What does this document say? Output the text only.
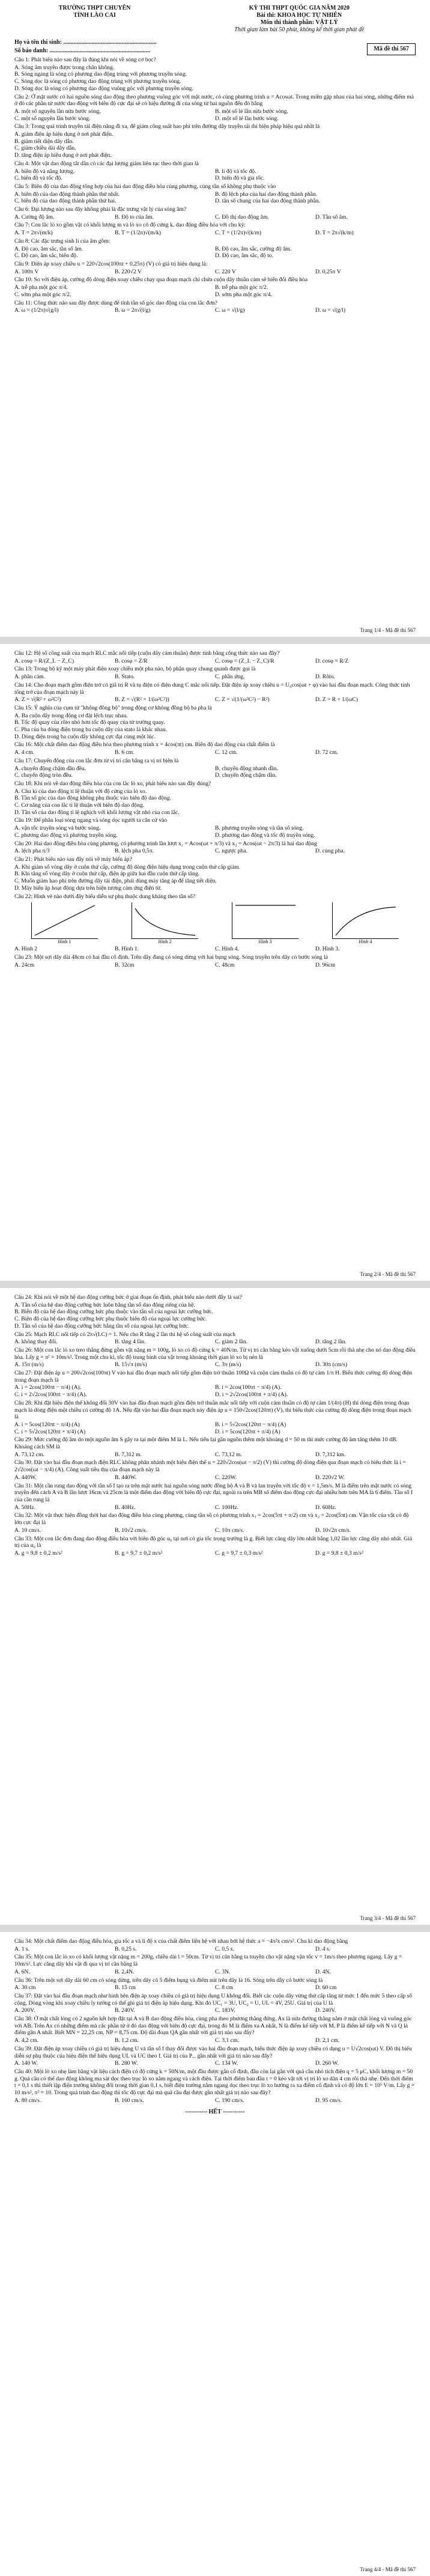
TRƯỜNG THPT CHUYÊN
TỈNH LÀO CAI
KỲ THI THPT QUỐC GIA NĂM 2020
Bài thi: KHOA HỌC TỰ NHIÊN
Môn thi thành phần: VẬT LÝ
Thời gian làm bài 50 phút, không kể thời gian phát đề
Họ và tên thí sinh: ..............................................................
Số báo danh: ...................................................................	Mã đề thi 567
Câu 1: Phát biểu nào sau đây là đúng khi nói về sóng cơ học?
A. Sóng âm truyền được trong chân không.
B. Sóng ngang là sóng có phương dao động trùng với phương truyền sóng.
C. Sóng dọc là sóng có phương dao động trùng với phương truyền sóng.
D. Sóng dọc là sóng có phương dao động vuông góc với phương truyền sóng.
Câu 2: Ở mặt nước có hai nguồn sóng dao động theo phương vuông góc với mặt nước, có cùng phương trình u = Acosωt. Trong miền gặp nhau của hai sóng, những điểm mà ở đó các phần tử nước dao động với biên độ cực đại sẽ có hiệu đường đi của sóng từ hai nguồn đến đó bằng
A. một số nguyên lần nửa bước sóng.	B. một số lẻ lần nửa bước sóng.
C. một số nguyên lần bước sóng.	D. một số lẻ lần bước sóng.
Câu 3: Trong quá trình truyền tải điện năng đi xa, để giảm công suất hao phí trên đường dây truyền tải thì biện pháp hiệu quả nhất là
A. giảm điện áp hiệu dụng ở nơi phát điện.
B. giảm tiết diện dây dẫn.
C. giảm chiều dài dây dẫn.
D. tăng điện áp hiệu dụng ở nơi phát điện.
Câu 4: Một vật dao động tắt dần có các đại lượng giảm liên tục theo thời gian là
A. biên độ và năng lượng.	B. li độ và tốc độ.
C. biên độ và tốc độ.	D. biên độ và gia tốc.
Câu 5: Biên độ của dao động tổng hợp của hai dao động điều hòa cùng phương, cùng tần số không phụ thuộc vào
A. biên độ của dao động thành phần thứ nhất.	B. độ lệch pha của hai dao động thành phần.
C. biên độ của dao động thành phần thứ hai.	D. tần số chung của hai dao động thành phần.
Câu 6: Đại lượng nào sau đây không phải là đặc trưng vật lý của sóng âm?
A. Cường độ âm.	B. Độ to của âm.	C. Đồ thị dao động âm.	D. Tần số âm.
Câu 7: Con lắc lò xo gồm vật có khối lượng m và lò xo có độ cứng k, dao động điều hòa với chu kỳ:
A. T = 2π√(m/k)	B. T = (1/2π)√(m/k)	C. T = (1/2π)√(k/m)	D. T = 2π√(k/m)
Câu 8: Các đặc trưng sinh lí của âm gồm:
A. Độ cao, âm sắc, tần số âm.	B. Độ cao, âm sắc, cường độ âm.
C. Độ cao, âm sắc, biên độ.	D. Độ cao, âm sắc, độ to.
Câu 9: Điện áp xoay chiều u = 220√2cos(100πt + 0,25π) (V) có giá trị hiệu dụng là:
A. 100π V	B. 220√2 V	C. 220 V	D. 0,25π V
Câu 10: So với điện áp, cường độ dòng điện xoay chiều chạy qua đoạn mạch chỉ chứa cuộn dây thuần cảm sẽ biến đổi điều hòa
A. trễ pha một góc π/4.	B. trễ pha một góc π/2.
C. sớm pha một góc π/2.	D. sớm pha một góc π/4.
Câu 11: Công thức nào sau đây được dùng để tính tần số góc dao động của con lắc đơn?
A. ω = (1/2π)√(g/l)	B. ω = 2π√(l/g)	C. ω = √(l/g)	D. ω = √(g/l)
Trang 1/4 - Mã đề thi 567
Câu 12: Hệ số công suất của mạch RLC mắc nối tiếp (cuộn dây cảm thuần) được tính bằng công thức nào sau đây?
A. cosφ = R/(Z_L − Z_C)	B. cosφ = Z/R	C. cosφ = (Z_L − Z_C)/R	D. cosφ = R/Z
Câu 13: Trong bộ kỹ một máy phát điện xoay chiều một pha nào, bộ phận quay chung quanh được gọi là
A. phần cảm.	B. Stato.	C. phần ứng.	D. Rôto.
Câu 14: Cho đoạn mạch gồm điện trở có giá trị R và tụ điện có điện dung C mắc nối tiếp. Đặt điện áp xoay chiều u = U₀cos(ωt + φ) vào hai đầu đoạn mạch. Công thức tính tổng trở của đoạn mạch này là
A. Z = √(R² + ω²C²)	B. Z = √(R² + 1/(ω²C²))	C. Z = √(1/(ω²C²) − R²)	D. Z = R + 1/(ωC)
Câu 15: Ý nghĩa của cụm từ "không đồng bộ" trong động cơ không đồng bộ ba pha là
A. Ba cuộn dây trong động cơ đặt lệch trục nhau.
B. Tốc độ quay của rôto nhỏ hơn tốc độ quay của từ trường quay.
C. Pha của ba dòng điện trong ba cuộn dây của stato là khác nhau.
D. Dòng điện trong ba cuộn dây không cực đại cùng một lúc.
Câu 16: Một chất điểm dao động điều hòa theo phương trình x = 4cos(πt) cm. Biên độ dao động của chất điểm là
A. 4 cm.	B. 6 cm.	C. 12 cm.	D. 72 cm.
Câu 17: Chuyển động của con lắc đơn từ vị trí cân bằng ra vị trí biên là
A. chuyển động chậm dần đều.	B. chuyển động nhanh dần.
C. chuyển động tròn đều.	D. chuyển động chậm dần.
Câu 18: Khi nói về dao động điều hòa của con lắc lò xo, phát biểu nào sau đây đúng?
A. Chu kì của dao động tỉ lệ thuận với độ cứng của lò xo.
B. Tần số góc của dao động không phụ thuộc vào biên độ dao động.
C. Cơ năng của con lắc tỉ lệ thuận với biên độ dao động.
D. Tần số của dao động tỉ lệ nghịch với khối lượng vật nhỏ của con lắc.
Câu 19: Để phân loại sóng ngang và sóng dọc người ta căn cứ vào
A. vận tốc truyền sóng và bước sóng.	B. phương truyền sóng và tần số sóng.
C. phương dao động và phương truyền sóng.	D. phương dao động và tốc độ truyền sóng.
Câu 20: Hai dao động điều hòa cùng phương, có phương trình lần lượt x₁ = Acos(ωt + π/3) và x₂ = Acos(ωt − 2π/3) là hai dao động
A. lệch pha π/3	B. lệch pha 0,5π.	C. ngược pha.	D. cùng pha.
Câu 21: Phát biểu nào sau đây nói về máy biến áp?
A. Khi giảm số vòng dây ở cuộn thứ cấp, cường độ dòng điện hiệu dụng trong cuộn thứ cấp giảm.
B. Khi tăng số vòng dây ở cuộn thứ cấp, điện áp giữa hai đầu cuộn thứ cấp tăng.
C. Muốn giảm hao phí trên đường dây tải điện, phải dùng máy tăng áp để tăng tiết diện.
D. Máy biến áp hoạt động dựa trên hiện tượng cảm ứng điện từ.
Câu 22: Hình vẽ nào dưới đây biểu diễn sự phụ thuộc dung kháng theo tần số?
Hình 1	Hình 2	Hình 3	Hình 4
A. Hình 2	B. Hình 1.	C. Hình 4.	D. Hình 3.
Câu 23: Một sợi dây dài 48cm có hai đầu cố định. Trên dây đang có sóng dừng với hai bụng sóng. Sóng truyền trên dây có bước sóng là
A. 24cm	B. 32cm	C. 48cm	D. 96cm
Trang 2/4 - Mã đề thi 567
Câu 24: Khi nói về một hệ dao động cưỡng bức ở giai đoạn ổn định, phát biểu nào dưới đây là sai?
A. Tần số của hệ dao động cưỡng bức luôn bằng tần số dao động riêng của hệ.
B. Biên độ của hệ dao động cưỡng bức phụ thuộc vào tần số của ngoại lực cưỡng bức.
C. Biên độ của hệ dao động cưỡng bức phụ thuộc biên độ của ngoại lực cưỡng bức.
D. Tần số của hệ dao động cưỡng bức bằng tần số của ngoại lực cưỡng bức.
Câu 25: Mạch RLC nối tiếp có 2π√(LC) = 1. Nếu cho R tăng 2 lần thì hệ số công suất của mạch
A. không thay đổi.	B. tăng 4 lần.	C. giảm 2 lần.	D. tăng 2 lần.
Câu 26: Một con lắc lò xo treo thẳng đứng gồm vật nặng m = 100g, lò xo có độ cứng k = 40N/m. Từ vị trí cân bằng kéo vật xuống dưới 5cm rồi thả nhẹ cho nó dao động điều hòa. Lấy g = π² = 10m/s². Trong một chu kì, tốc độ trung bình của vật trong khoảng thời gian lò xo bị nén là
A. 15π (m/s)	B. 15√π (m/s)	C. 3π (m/s)	D. 30π (cm/s)
Câu 27: Đặt điện áp u = 200√2cos(100πt) V vào hai đầu đoạn mạch nối tiếp gồm điện trở thuần 100Ω và cuộn cảm thuần có độ tự cảm 1/π H. Biểu thức cường độ dòng điện trong đoạn mạch là
A. i = 2cos(100πt − π/4) (A).	B. i = 2cos(100πt − π/4) (A).
C. i = 2√2cos(100πt − π/4) (A).	D. i = 2√2cos(100πt + π/4) (A).
Câu 28: Khi đặt hiệu điện thế không đổi 30V vào hai đầu đoạn mạch gồm điện trở thuần mắc nối tiếp với cuộn cảm thuần có độ tự cảm 1/(4π) (H) thì dòng điện trong đoạn mạch là dòng điện một chiều có cường độ 1A. Nếu đặt vào hai đầu đoạn mạch này điện áp u = 150√2cos(120πt) (V), thì biểu thức của cường độ dòng điện trong đoạn mạch là
A. i = 5cos(120πt − π/4) (A)	B. i = 5√2cos(120πt − π/4) (A)
C. i = 5√2cos(120πt + π/4) (A)	D. i = 5cos(120πt + π/4) (A)
Câu 29: Mức cường độ âm do một nguồn âm S gây ra tại một điểm M là L. Nếu tiến lại gần nguồn thêm một khoảng d = 50 m thì mức cường độ âm tăng thêm 10 dB. Khoảng cách SM là
A. 73,12 cm.	B. 7,312 m.	C. 73,12 m.	D. 7,312 km.
Câu 30: Đặt vào hai đầu đoạn mạch điện RLC không phân nhánh một hiệu điện thế u = 220√2cos(ωt − π/2) (V) thì cường độ dòng điện qua đoạn mạch có biểu thức là i = 2√2cos(ωt − π/4) (A). Công suất tiêu thụ của đoạn mạch này là
A. 440W.	B. 440W.	C. 220W.	D. 220√2 W.
Câu 31: Một cần rung dao động với tần số f tạo ra trên mặt nước hai nguồn sóng nước đồng bộ A và B và lan truyền với tốc độ v = 1,5m/s. M là điểm trên mặt nước có sóng truyền đến cách A và B lần lượt 16cm và 25cm là một điểm dao động với biên độ cực đại, ngoài ra trên MB số điểm dao động cực đại nhiều hơn trên MA là 6 điểm. Tần số f của cần rung là
A. 50Hz.	B. 40Hz.	C. 100Hz.	D. 60Hz.
Câu 32: Một vật thực hiện đồng thời hai dao động điều hòa cùng phương, cùng tần số có phương trình x₁ = 2cos(5πt + π/2) cm và x₂ = 2cos(5πt) cm. Vận tốc của vật có độ lớn cực đại là
A. 10 cm/s.	B. 10√2 cm/s.	C. 10π cm/s.	D. 10√2π cm/s.
Câu 33: Một con lắc đơn đang dao động điều hòa với biên độ góc α₀ tại nơi có gia tốc trọng trường là g. Biết lực căng dây lớn nhất bằng 1,02 lần lực căng dây nhỏ nhất. Giá trị của α₀ là
A. g = 9,8 ± 0,2 m/s²	B. g = 9,7 ± 0,2 m/s²	C. g = 9,7 ± 0,3 m/s²	D. g = 9,8 ± 0,3 m/s²
Trang 3/4 - Mã đề thi 567
Câu 34: Một chất điểm dao động điều hòa, gia tốc a và li độ x của chất điểm liên hệ với nhau bởi hệ thức a = −4π²x cm/s². Chu kì dao động bằng
A. 1 s.	B. 0,25 s.	C. 0,5 s.	D. 4 s.
Câu 35: Một con lắc lò xo có khối lượng vật nặng m = 200g, chiều dài l = 50cm. Từ vị trí cân bằng ta truyền cho vật nặng vận tốc v = 1m/s theo phương ngang. Lấy g = 10m/s². Lực căng dây khi vật đi qua vị trí cân bằng là
A. 6N.	B. 2,4N.	C. 3N.	D. 4N.
Câu 36: Trên một sợi dây dài 60 cm có sóng dừng, trên dây có 5 điểm bụng và điểm nút trên dây là 16. Sóng trên dây có bước sóng là
A. 30 cm	B. 15 cm	C. 8 cm	D. 60 cm
Câu 37: Đặt vào hai đầu đoạn mạch như hình bên điện áp xoay chiều có giá trị hiệu dụng U không đổi. Biết các cuộn dây vừng thứ cấp tăng từ mức 1 đến mức 5 theo cấp số cộng. Dòng vòng khi xoay chiều ly tưởng có thể ghi giá trị điện áp hiệu dụng. Khi đó UC₁ = 3U, UC₂ = U, UL = 4V, 25U. Giá trị của U là
A. 200V.	B. 240V.	C. 183V.	D. 240V.
Câu 38: Ở mặt chất lỏng có 2 nguồn kết hợp đặt tại A và B dao động điều hòa, cùng pha theo phương thẳng đứng. Ax là nửa đường thẳng nằm ở mặt chất lỏng và vuông góc với AB. Trên Ax có những điểm mà các phần tử ở đó dao động với biên độ cực đại, trong đó M là điểm xa A nhất, N là điểm kế tiếp với M, P là điểm kế tiếp với N và Q là điểm gần A nhất. Biết MN = 22,25 cm, NP = 8,75 cm. Độ dài đoạn QA gần nhất với giá trị nào sau đây?
A. 4,2 cm.	B. 1,2 cm.	C. 3,1 cm.	D. 2,1 cm.
Câu 39: Đặt điện áp xoay chiều có giá trị hiệu dụng U và tần số f thay đổi được vào hai đầu đoạn mạch, biểu thức điện áp xoay chiều có dạng u = U√2cos(ωt) V. Đồ thị biểu diễn sự phụ thuộc của hiệu điện thế hiệu dụng UL và UC theo f. Giá trị của P... gần nhất với giá trị nào sau đây?
A. 140 W.	B. 280 W.	C. 134 W.	D. 260 W.
Câu 40: Một lò xo nhẹ làm bằng vật liệu cách điện có độ cứng k = 50N/m, một đầu được gắn cố định, đầu còn lại gắn với quả cầu nhỏ tích điện q = 5 μC, khối lượng m = 50 g. Quả cầu có thể dao động không ma sát dọc theo trục lò xo nằm ngang và cách điện. Tại thời điểm ban đầu t = 0 kéo vật tới vị trí lò xo dãn 4 cm rồi thả nhẹ. Đến thời điểm t = 0,1 s thì thiết lập điện trường không đổi trong thời gian 0,1 s, biết điện trường nằm ngang dọc theo trục lò xo hướng ra xa điểm cố định và có độ lớn E = 10⁵ V/m. Lấy g = 10 m/s², π² = 10. Trong quá trình dao động thì tốc độ cực đại mà quả cầu đạt được gần nhất giá trị nào sau đây?
A. 80 cm/s.	B. 160 cm/s.	C. 190 cm/s.	D. 95 cm/s.
----------- HẾT -----------
Trang 4/4 - Mã đề thi 567
